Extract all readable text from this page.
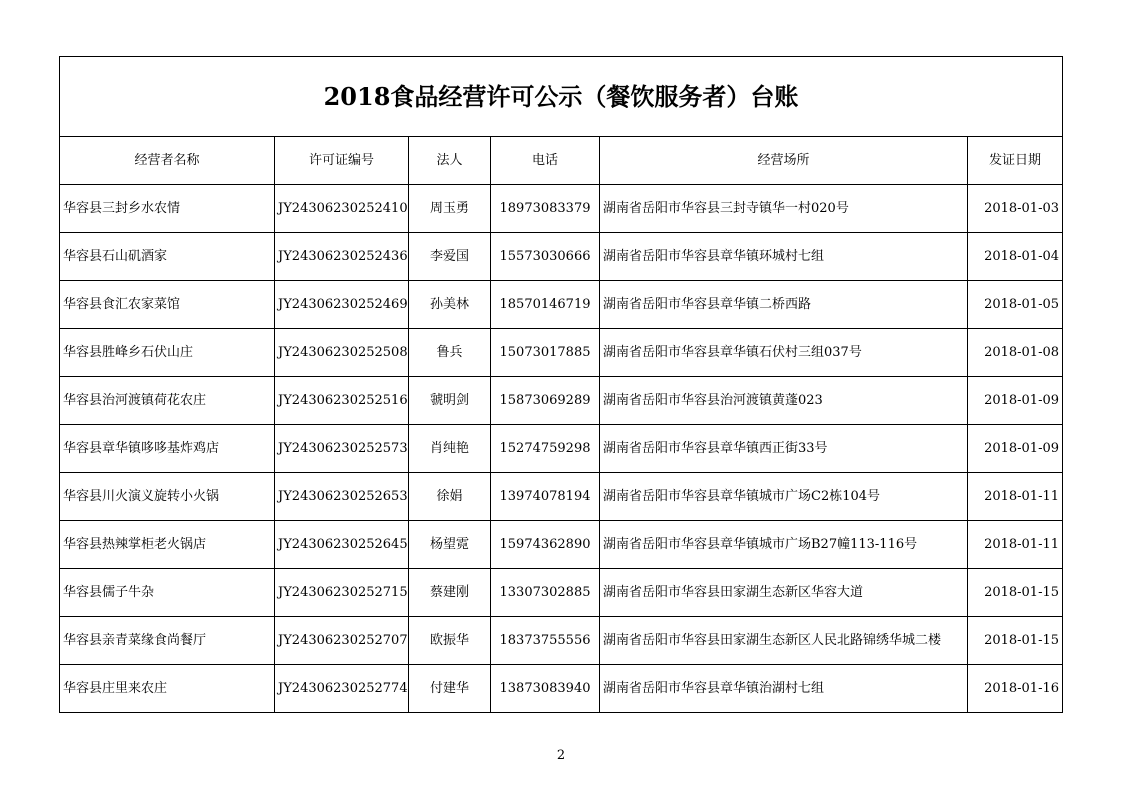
2018食品经营许可公示（餐饮服务者）台账					
经营者名称	许可证编号	法人	电话	经营场所	发证日期
华容县三封乡水农情	JY24306230252410	周玉勇	18973083379	湖南省岳阳市华容县三封寺镇华一村020号	2018-01-03
华容县石山矶酒家	JY24306230252436	李爱国	15573030666	湖南省岳阳市华容县章华镇环城村七组	2018-01-04
华容县食汇农家菜馆	JY24306230252469	孙美林	18570146719	湖南省岳阳市华容县章华镇二桥西路	2018-01-05
华容县胜峰乡石伏山庄	JY24306230252508	鲁兵	15073017885	湖南省岳阳市华容县章华镇石伏村三组037号	2018-01-08
华容县治河渡镇荷花农庄	JY24306230252516	虢明剑	15873069289	湖南省岳阳市华容县治河渡镇黄蓬023	2018-01-09
华容县章华镇哆哆基炸鸡店	JY24306230252573	肖纯艳	15274759298	湖南省岳阳市华容县章华镇西正街33号	2018-01-09
华容县川火演义旋转小火锅	JY24306230252653	徐娟	13974078194	湖南省岳阳市华容县章华镇城市广场C2栋104号	2018-01-11
华容县热辣掌柜老火锅店	JY24306230252645	杨望霓	15974362890	湖南省岳阳市华容县章华镇城市广场B27幢113-116号	2018-01-11
华容县儒子牛杂	JY24306230252715	蔡建刚	13307302885	湖南省岳阳市华容县田家湖生态新区华容大道	2018-01-15
华容县亲青菜缘食尚餐厅	JY24306230252707	欧振华	18373755556	湖南省岳阳市华容县田家湖生态新区人民北路锦绣华城二楼	2018-01-15
华容县庄里来农庄	JY24306230252774	付建华	13873083940	湖南省岳阳市华容县章华镇治湖村七组	2018-01-16
2
